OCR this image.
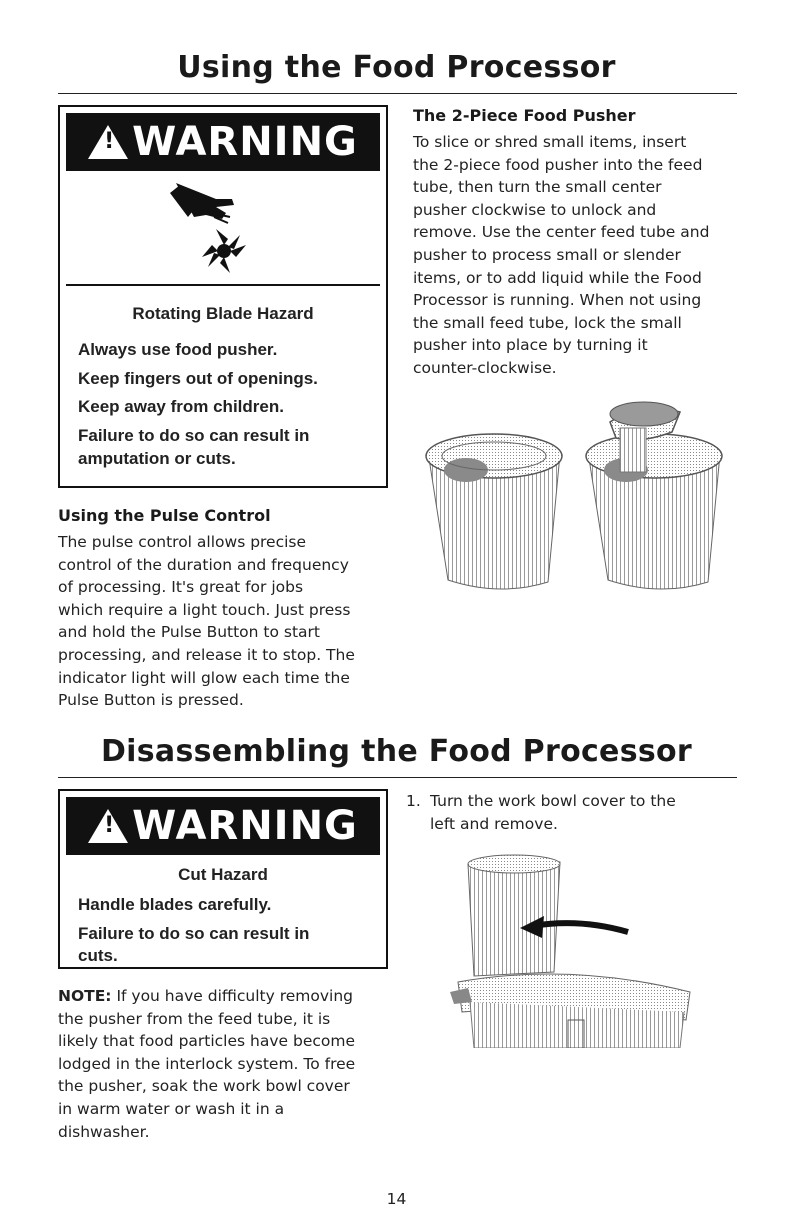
Using the Food Processor
! WARNING
Rotating Blade Hazard
Always use food pusher.
Keep fingers out of openings.
Keep away from children.
Failure to do so can result in
amputation or cuts.
The 2-Piece Food Pusher
To slice or shred small items, insert
the 2-piece food pusher into the feed
tube, then turn the small center
pusher clockwise to unlock and
remove. Use the center feed tube and
pusher to process small or slender
items, or to add liquid while the Food
Processor is running. When not using
the small feed tube, lock the small
pusher into place by turning it
counter-clockwise.
Using the Pulse Control
The pulse control allows precise
control of the duration and frequency
of processing. It's great for jobs
which require a light touch. Just press
and hold the Pulse Button to start
processing, and release it to stop. The
indicator light will glow each time the
Pulse Button is pressed.
Disassembling the Food Processor
! WARNING
Cut Hazard
Handle blades carefully.
Failure to do so can result in
cuts.
1. Turn the work bowl cover to the
left and remove.
NOTE: If you have difficulty removing
the pusher from the feed tube, it is
likely that food particles have become
lodged in the interlock system. To free
the pusher, soak the work bowl cover
in warm water or wash it in a
dishwasher.
14
